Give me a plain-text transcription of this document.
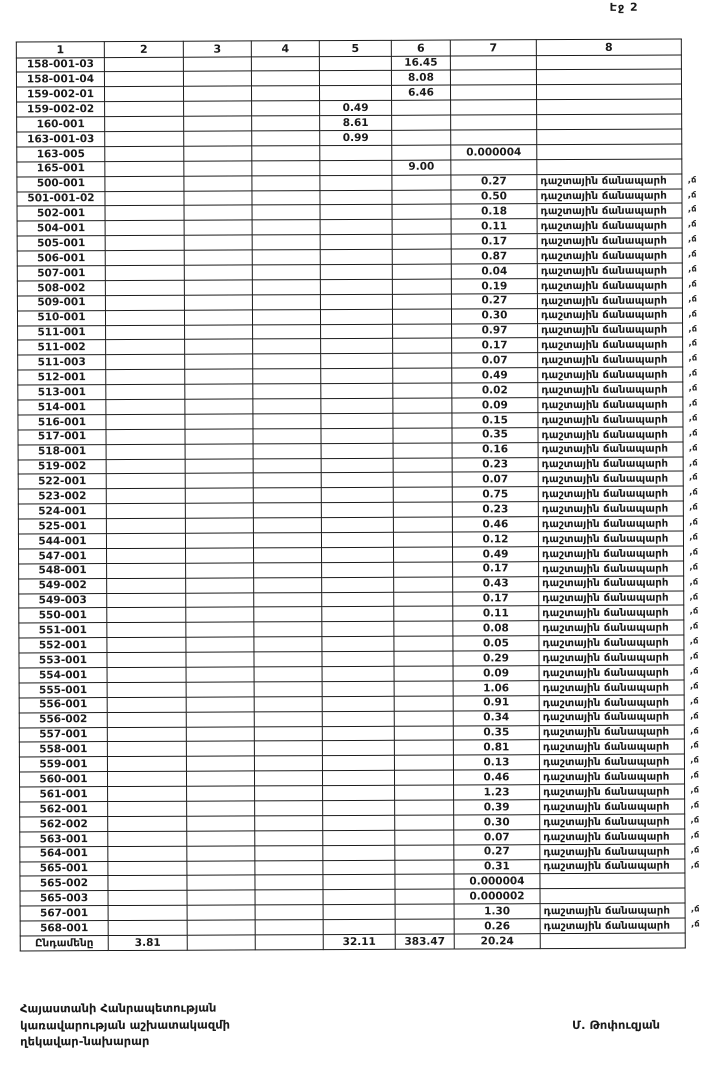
Էջ 2
1	2	3	4	5	6	7	8
158-001-03					16.45		
158-001-04					8.08		
159-002-01					6.46		
159-002-02				0.49			
160-001				8.61			
163-001-03				0.99			
163-005						0.000004	
165-001					9.00		
500-001						0.27	դաշտային ճանապարհ ,ճ

501-001-02						0.50	դաշտային ճանապարհ ,ճ

502-001						0.18	դաշտային ճանապարհ ,ճ

504-001						0.11	դաշտային ճանապարհ ,ճ

505-001						0.17	դաշտային ճանապարհ ,ճ

506-001						0.87	դաշտային ճանապարհ ,ճ

507-001						0.04	դաշտային ճանապարհ ,ճ

508-002						0.19	դաշտային ճանապարհ ,ճ

509-001						0.27	դաշտային ճանապարհ ,ճ

510-001						0.30	դաշտային ճանապարհ ,ճ

511-001						0.97	դաշտային ճանապարհ ,ճ

511-002						0.17	դաշտային ճանապարհ ,ճ

511-003						0.07	դաշտային ճանապարհ ,ճ

512-001						0.49	դաշտային ճանապարհ ,ճ

513-001						0.02	դաշտային ճանապարհ ,ճ

514-001						0.09	դաշտային ճանապարհ ,ճ

516-001						0.15	դաշտային ճանապարհ ,ճ

517-001						0.35	դաշտային ճանապարհ ,ճ

518-001						0.16	դաշտային ճանապարհ ,ճ

519-002						0.23	դաշտային ճանապարհ ,ճ

522-001						0.07	դաշտային ճանապարհ ,ճ

523-002						0.75	դաշտային ճանապարհ ,ճ

524-001						0.23	դաշտային ճանապարհ ,ճ

525-001						0.46	դաշտային ճանապարհ ,ճ

544-001						0.12	դաշտային ճանապարհ ,ճ

547-001						0.49	դաշտային ճանապարհ ,ճ

548-001						0.17	դաշտային ճանապարհ ,ճ

549-002						0.43	դաշտային ճանապարհ ,ճ

549-003						0.17	դաշտային ճանապարհ ,ճ

550-001						0.11	դաշտային ճանապարհ ,ճ

551-001						0.08	դաշտային ճանապարհ ,ճ

552-001						0.05	դաշտային ճանապարհ ,ճ

553-001						0.29	դաշտային ճանապարհ ,ճ

554-001						0.09	դաշտային ճանապարհ ,ճ

555-001						1.06	դաշտային ճանապարհ ,ճ

556-001						0.91	դաշտային ճանապարհ ,ճ

556-002						0.34	դաշտային ճանապարհ ,ճ

557-001						0.35	դաշտային ճանապարհ ,ճ

558-001						0.81	դաշտային ճանապարհ ,ճ

559-001						0.13	դաշտային ճանապարհ ,ճ

560-001						0.46	դաշտային ճանապարհ ,ճ

561-001						1.23	դաշտային ճանապարհ ,ճ

562-001						0.39	դաշտային ճանապարհ ,ճ

562-002						0.30	դաշտային ճանապարհ ,ճ

563-001						0.07	դաշտային ճանապարհ ,ճ

564-001						0.27	դաշտային ճանապարհ ,ճ

565-001						0.31	դաշտային ճանապարհ ,ճ

565-002						0.000004	
565-003						0.000002	
567-001						1.30	դաշտային ճանապարհ ,ճ

568-001						0.26	դաշտային ճանապարհ ,ճ

Ընդամենը	3.81			32.11	383.47	20.24	
Հայաստանի Հանրապետության
կառավարության աշխատակազմի
ղեկավար-նախարար
Մ. Թոփուզյան
